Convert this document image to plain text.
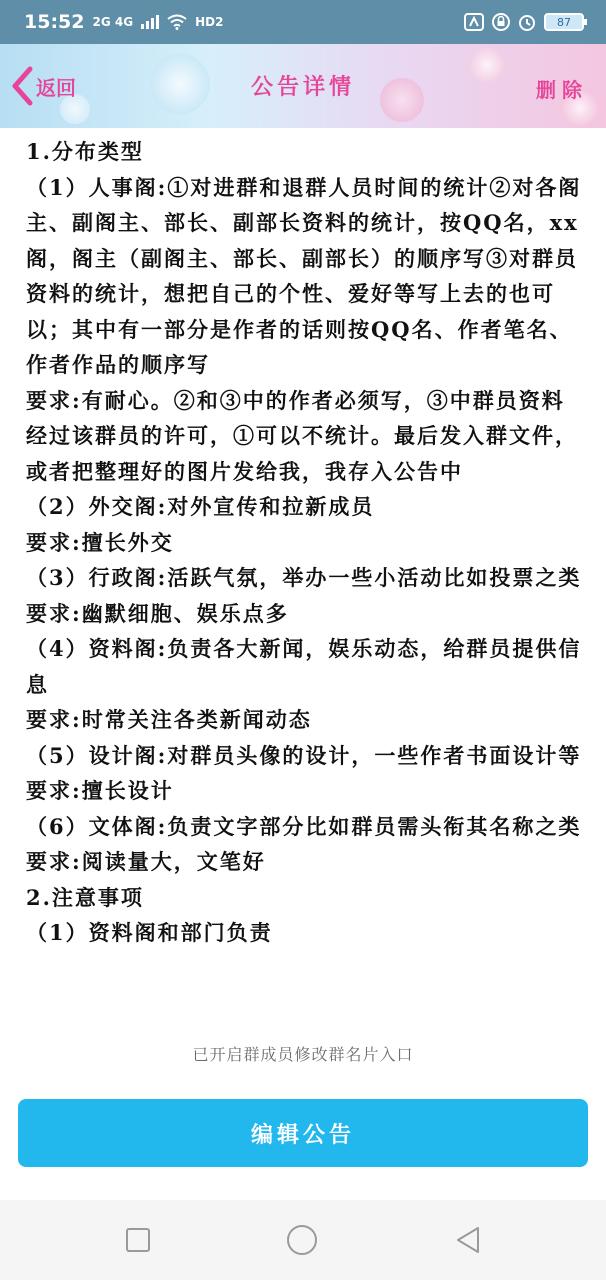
15:52 2G 4G	HD2	87
返回	公告详情	删除

1.分布类型

（1）人事阁:①对进群和退群人员时间的统计②对各阁主、副阁主、部长、副部长资料的统计，按QQ名，xx阁，阁主（副阁主、部长、副部长）的顺序写③对群员资料的统计，想把自己的个性、爱好等写上去的也可以；其中有一部分是作者的话则按QQ名、作者笔名、作者作品的顺序写

要求:有耐心。②和③中的作者必须写，③中群员资料经过该群员的许可，①可以不统计。最后发入群文件，或者把整理好的图片发给我，我存入公告中

（2）外交阁:对外宣传和拉新成员

要求:擅长外交

（3）行政阁:活跃气氛，举办一些小活动比如投票之类

要求:幽默细胞、娱乐点多

（4）资料阁:负责各大新闻，娱乐动态，给群员提供信息

要求:时常关注各类新闻动态

（5）设计阁:对群员头像的设计，一些作者书面设计等

要求:擅长设计

（6）文体阁:负责文字部分比如群员需头衔其名称之类

要求:阅读量大，文笔好

2.注意事项

（1）资料阁和部门负责

已开启群成员修改群名片入口
编辑公告
